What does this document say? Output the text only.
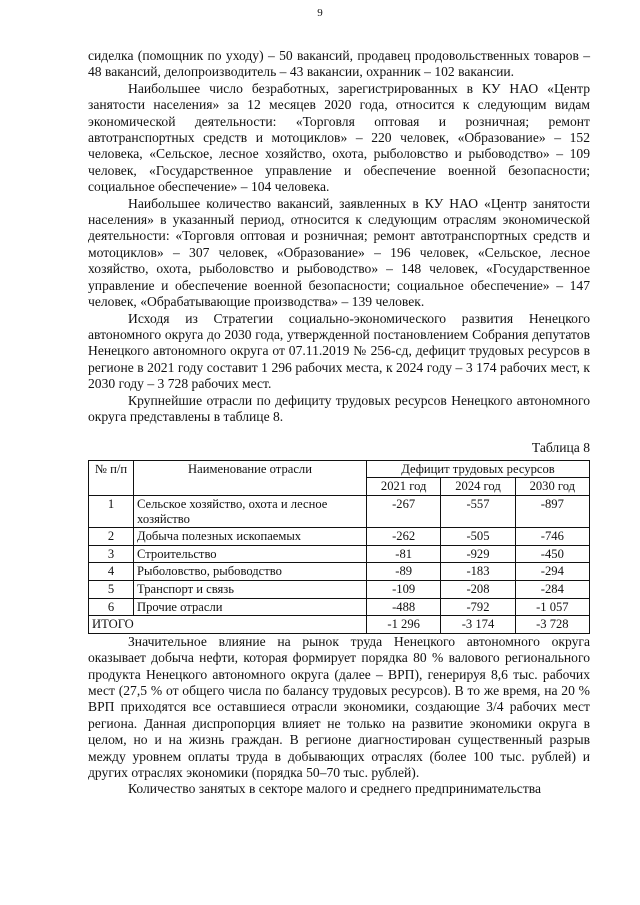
9

сиделка (помощник по уходу) – 50 вакансий, продавец продовольственных товаров – 48 вакансий, делопроизводитель – 43 вакансии, охранник – 102 вакансии.

Наибольшее число безработных, зарегистрированных в КУ НАО «Центр занятости населения» за 12 месяцев 2020 года, относится к следующим видам экономической деятельности: «Торговля оптовая и розничная; ремонт автотранспортных средств и мотоциклов» – 220 человек, «Образование» – 152 человека, «Сельское, лесное хозяйство, охота, рыболовство и рыбоводство» – 109 человек, «Государственное управление и обеспечение военной безопасности; социальное обеспечение» – 104 человека.

Наибольшее количество вакансий, заявленных в КУ НАО «Центр занятости населения» в указанный период, относится к следующим отраслям экономической деятельности: «Торговля оптовая и розничная; ремонт автотранспортных средств и мотоциклов» – 307 человек, «Образование» – 196 человек, «Сельское, лесное хозяйство, охота, рыболовство и рыбоводство» – 148 человек, «Государственное управление и обеспечение военной безопасности; социальное обеспечение» – 147 человек, «Обрабатывающие производства» – 139 человек.

Исходя из Стратегии социально-экономического развития Ненецкого автономного округа до 2030 года, утвержденной постановлением Собрания депутатов Ненецкого автономного округа от 07.11.2019 № 256-сд, дефицит трудовых ресурсов в регионе в 2021 году составит 1 296 рабочих места, к 2024 году – 3 174 рабочих мест, к 2030 году – 3 728 рабочих мест.

Крупнейшие отрасли по дефициту трудовых ресурсов Ненецкого автономного округа представлены в таблице 8.

Таблица 8
№ п/п	Наименование отрасли	Дефицит трудовых ресурсов		
		2021 год	2024 год	2030 год
1	Сельское хозяйство, охота и лесное хозяйство	-267	-557	-897
2	Добыча полезных ископаемых	-262	-505	-746
3	Строительство	-81	-929	-450
4	Рыболовство, рыбоводство	-89	-183	-294
5	Транспорт и связь	-109	-208	-284
6	Прочие отрасли	-488	-792	-1 057
ИТОГО		-1 296	-3 174	-3 728

Значительное влияние на рынок труда Ненецкого автономного округа оказывает добыча нефти, которая формирует порядка 80 % валового регионального продукта Ненецкого автономного округа (далее – ВРП), генерируя 8,6 тыс. рабочих мест (27,5 % от общего числа по балансу трудовых ресурсов). В то же время, на 20 % ВРП приходятся все оставшиеся отрасли экономики, создающие 3/4 рабочих мест региона. Данная диспропорция влияет не только на развитие экономики округа в целом, но и на жизнь граждан. В регионе диагностирован существенный разрыв между уровнем оплаты труда в добывающих отраслях (более 100 тыс. рублей) и других отраслях экономики (порядка 50–70 тыс. рублей).

Количество занятых в секторе малого и среднего предпринимательства
